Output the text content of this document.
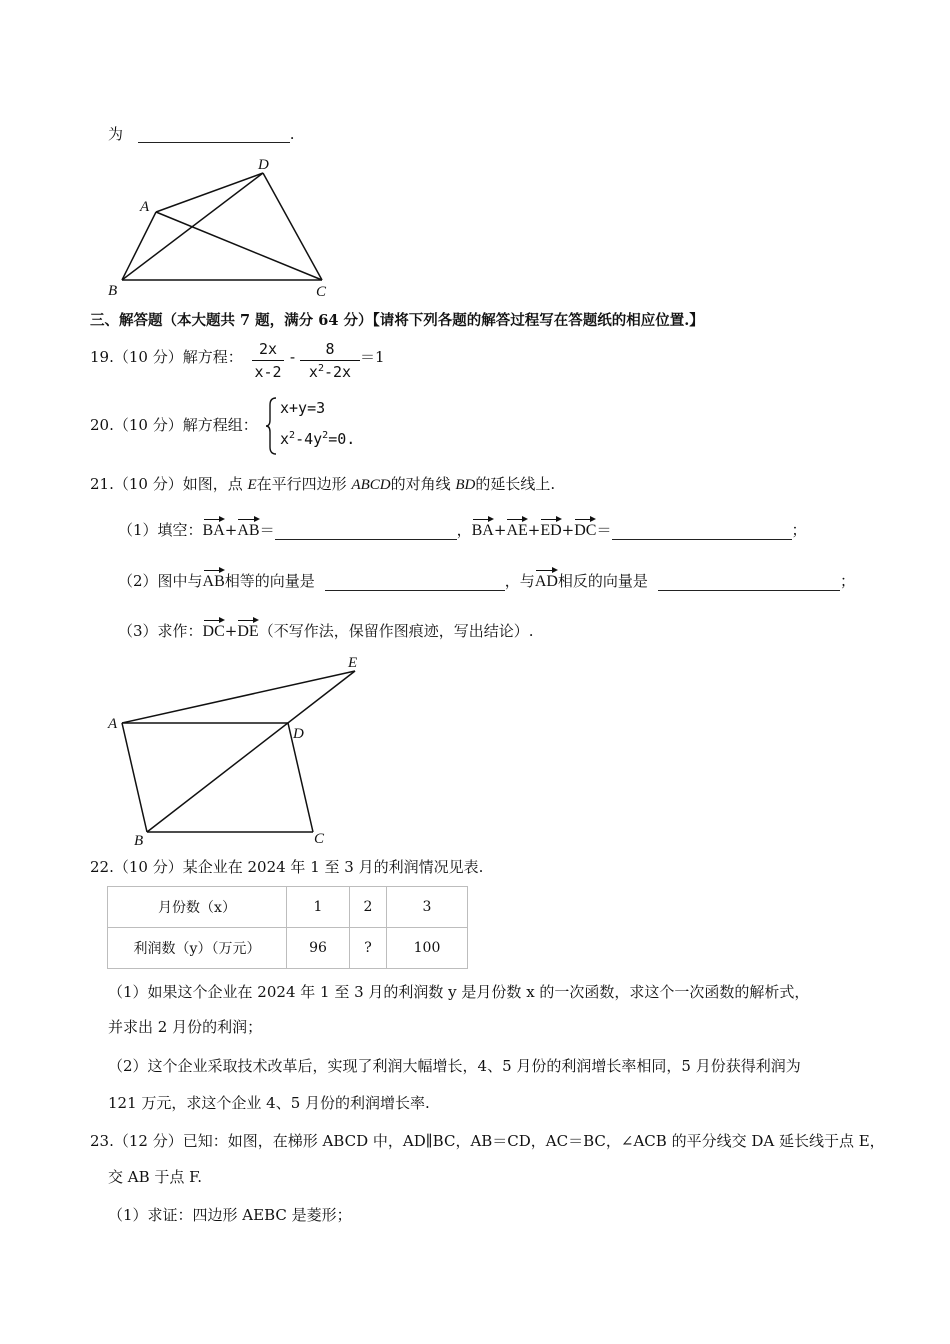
为	.
A
D
B	C
三、解答题（本大题共 7 题，满分 64 分）【请将下列各题的解答过程写在答题纸的相应位置.】
19.（10 分）解方程：	2x
x-2
-	8
$x^2-2x$
＝1
20.（10 分）解方程组：
x+y=3
$x^2-4y^2=0$.
21.（10 分）如图，点 E在平行四边形 ABCD的对角线 BD的延长线上.
（1）填空：BA+AB＝	，BA+AE+ED+DC＝	；
（2）图中与AB相等的向量是	，与AD相反的向量是	；
（3）求作：DC+DE（不写作法，保留作图痕迹，写出结论）.
A
D
E
B	C
22.（10 分）某企业在 2024 年 1 至 3 月的利润情况见表.
月份数（x）	1	2	3
利润数（y）（万元）	96	?	100
（1）如果这个企业在 2024 年 1 至 3 月的利润数 y 是月份数 x 的一次函数，求这个一次函数的解析式，
并求出 2 月份的利润；
（2）这个企业采取技术改革后，实现了利润大幅增长，4、5 月份的利润增长率相同，5 月份获得利润为
121 万元，求这个企业 4、5 月份的利润增长率.
23.（12 分）已知：如图，在梯形 ABCD 中，AD∥BC，AB＝CD，AC＝BC，∠ACB 的平分线交 DA 延长线于点 E，
交 AB 于点 F.
（1）求证：四边形 AEBC 是菱形；
